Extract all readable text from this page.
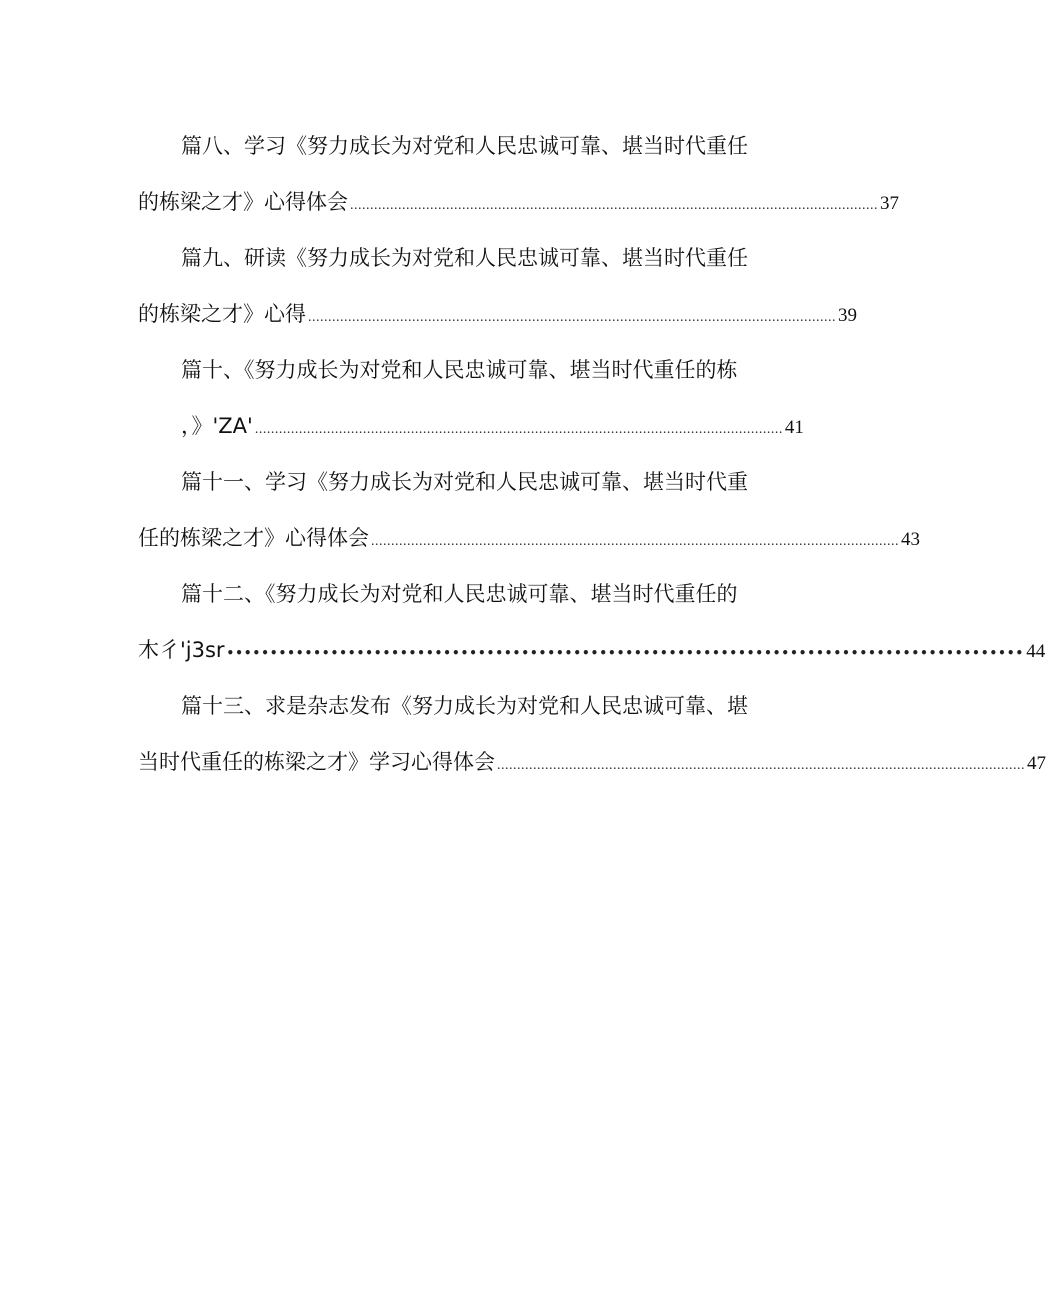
篇八、学习《努力成长为对党和人民忠诚可靠、堪当时代重任
的栋梁之才》心得体会 .................................................................................................................................... 37
篇九、研读《努力成长为对党和人民忠诚可靠、堪当时代重任
的栋梁之才》心得 .................................................................................................................................... 39
篇十、《努力成长为对党和人民忠诚可靠、堪当时代重任的栋
，》'ZA' .................................................................................................................................... 41
篇十一、学习《努力成长为对党和人民忠诚可靠、堪当时代重
任的栋梁之才》心得体会 .................................................................................................................................... 43
篇十二、《努力成长为对党和人民忠诚可靠、堪当时代重任的
木彳'j3sr •••••••••••••••••••••••••••••••••••••••••••••••••••••••••••••••••••••••••••••••••••••••••••• 44
篇十三、求是杂志发布《努力成长为对党和人民忠诚可靠、堪
当时代重任的栋梁之才》学习心得体会 .................................................................................................................................... 47
